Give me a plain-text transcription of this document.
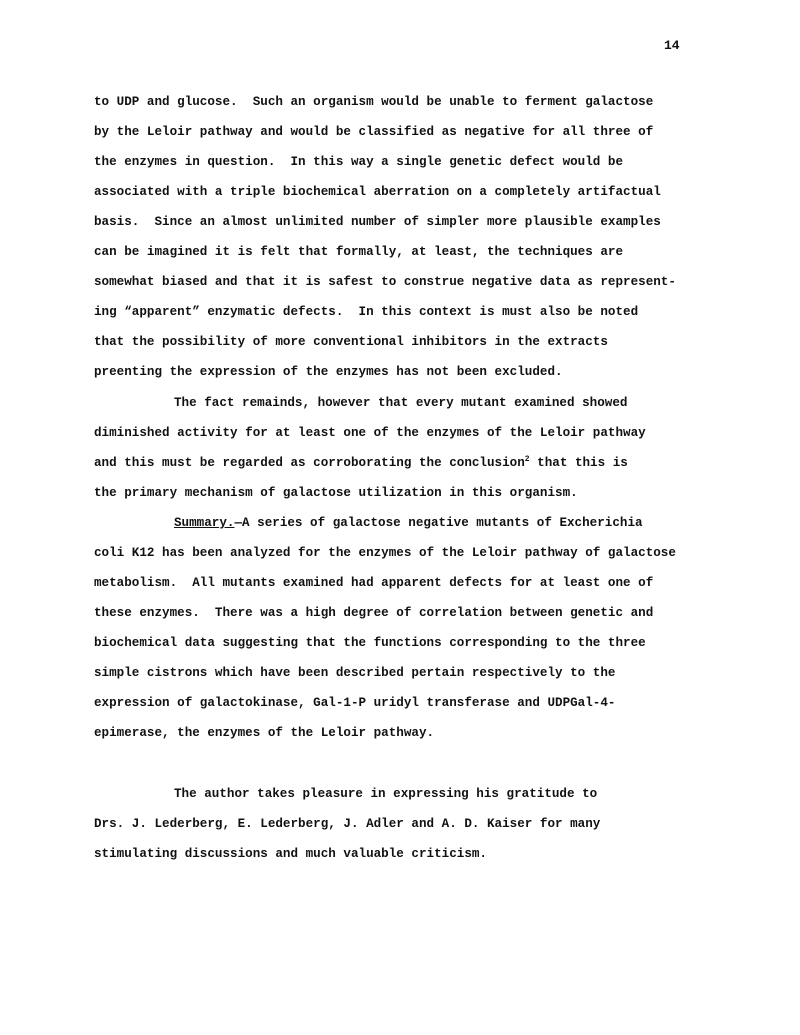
14
to UDP and glucose.  Such an organism would be unable to ferment galactose
by the Leloir pathway and would be classified as negative for all three of
the enzymes in question.  In this way a single genetic defect would be
associated with a triple biochemical aberration on a completely artifactual
basis.  Since an almost unlimited number of simpler more plausible examples
can be imagined it is felt that formally, at least, the techniques are
somewhat biased and that it is safest to construe negative data as represent-
ing “apparent” enzymatic defects.  In this context is must also be noted
that the possibility of more conventional inhibitors in the extracts
preenting the expression of the enzymes has not been excluded.
The fact remainds, however that every mutant examined showed
diminished activity for at least one of the enzymes of the Leloir pathway
and this must be regarded as corroborating the conclusion$^2$ that this is
the primary mechanism of galactose utilization in this organism.
Summary.—A series of galactose negative mutants of Excherichia
coli K12 has been analyzed for the enzymes of the Leloir pathway of galactose
metabolism.  All mutants examined had apparent defects for at least one of
these enzymes.  There was a high degree of correlation between genetic and
biochemical data suggesting that the functions corresponding to the three
simple cistrons which have been described pertain respectively to the
expression of galactokinase, Gal-1-P uridyl transferase and UDPGal-4-
epimerase, the enzymes of the Leloir pathway.
The author takes pleasure in expressing his gratitude to
Drs. J. Lederberg, E. Lederberg, J. Adler and A. D. Kaiser for many
stimulating discussions and much valuable criticism.
